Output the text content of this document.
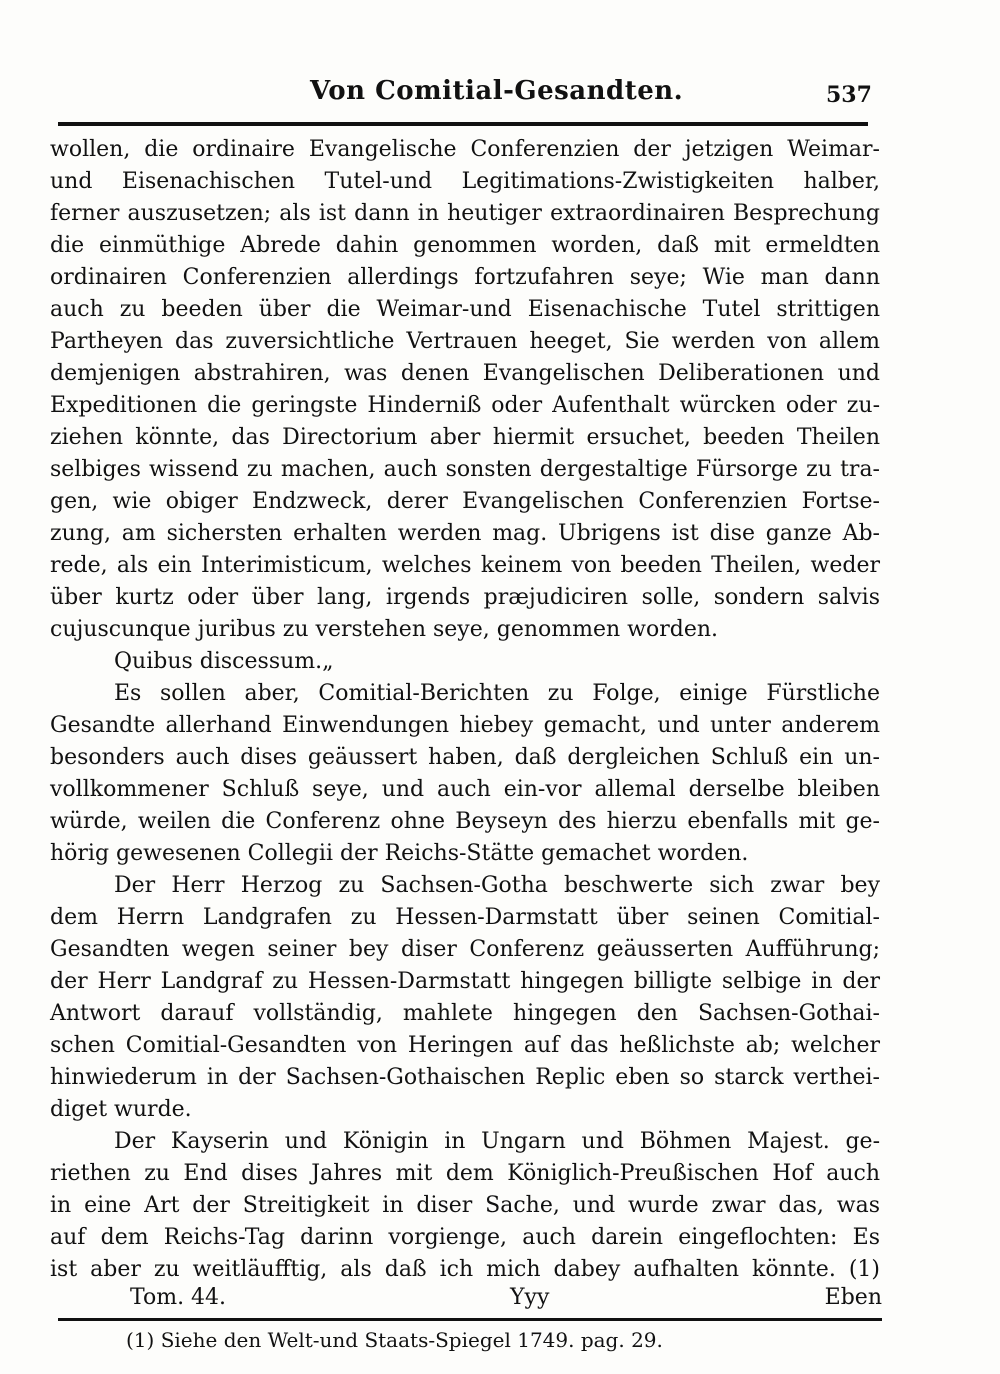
Von Comitial-Gesandten.	537
wollen, die ordinaire Evangelische Conferenzien der jetzigen Weimar-
und Eisenachischen Tutel-und Legitimations-Zwistigkeiten halber,
ferner auszusetzen; als ist dann in heutiger extraordinairen Besprechung
die einmüthige Abrede dahin genommen worden, daß mit ermeldten
ordinairen Conferenzien allerdings fortzufahren seye; Wie man dann
auch zu beeden über die Weimar-und Eisenachische Tutel strittigen
Partheyen das zuversichtliche Vertrauen heeget, Sie werden von allem
demjenigen abstrahiren, was denen Evangelischen Deliberationen und
Expeditionen die geringste Hinderniß oder Aufenthalt würcken oder zu-
ziehen könnte, das Directorium aber hiermit ersuchet, beeden Theilen
selbiges wissend zu machen, auch sonsten dergestaltige Fürsorge zu tra-
gen, wie obiger Endzweck, derer Evangelischen Conferenzien Fortse-
zung, am sichersten erhalten werden mag. Ubrigens ist dise ganze Ab-
rede, als ein Interimisticum, welches keinem von beeden Theilen, weder
über kurtz oder über lang, irgends præjudiciren solle, sondern salvis
cujuscunque juribus zu verstehen seye, genommen worden.
Quibus discessum.„
Es sollen aber, Comitial-Berichten zu Folge, einige Fürstliche
Gesandte allerhand Einwendungen hiebey gemacht, und unter anderem
besonders auch dises geäussert haben, daß dergleichen Schluß ein un-
vollkommener Schluß seye, und auch ein-vor allemal derselbe bleiben
würde, weilen die Conferenz ohne Beyseyn des hierzu ebenfalls mit ge-
hörig gewesenen Collegii der Reichs-Stätte gemachet worden.
Der Herr Herzog zu Sachsen-Gotha beschwerte sich zwar bey
dem Herrn Landgrafen zu Hessen-Darmstatt über seinen Comitial-
Gesandten wegen seiner bey diser Conferenz geäusserten Aufführung;
der Herr Landgraf zu Hessen-Darmstatt hingegen billigte selbige in der
Antwort darauf vollständig, mahlete hingegen den Sachsen-Gothai-
schen Comitial-Gesandten von Heringen auf das heßlichste ab; welcher
hinwiederum in der Sachsen-Gothaischen Replic eben so starck verthei-
diget wurde.
Der Kayserin und Königin in Ungarn und Böhmen Majest. ge-
riethen zu End dises Jahres mit dem Königlich-Preußischen Hof auch
in eine Art der Streitigkeit in diser Sache, und wurde zwar das, was
auf dem Reichs-Tag darinn vorgienge, auch darein eingeflochten: Es
ist aber zu weitläufftig, als daß ich mich dabey aufhalten könnte. (1)
Tom. 44.	Yyy	Eben
(1) Siehe den Welt-und Staats-Spiegel 1749. pag. 29.
